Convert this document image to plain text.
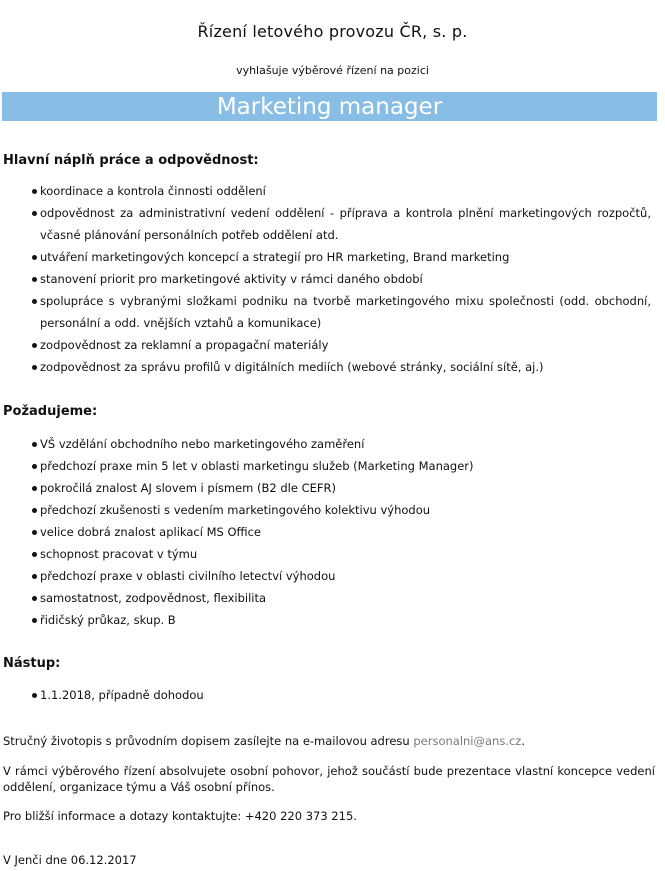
Řízení letového provozu ČR, s. p.
vyhlašuje výběrové řízení na pozici
Marketing manager
Hlavní náplň práce a odpovědnost:
koordinace a kontrola činnosti oddělení
odpovědnost za administrativní vedení oddělení - příprava a kontrola plnění marketingových rozpočtů, včasné plánování personálních potřeb oddělení atd.
utváření marketingových koncepcí a strategií pro HR marketing, Brand marketing
stanovení priorit pro marketingové aktivity v rámci daného období
spolupráce s vybranými složkami podniku na tvorbě marketingového mixu společnosti (odd. obchodní, personální a odd. vnějších vztahů a komunikace)
zodpovědnost za reklamní a propagační materiály
zodpovědnost za správu profilů v digitálních mediích (webové stránky, sociální sítě, aj.)
Požadujeme:
VŠ vzdělání obchodního nebo marketingového zaměření
předchozí praxe min 5 let v oblasti marketingu služeb (Marketing Manager)
pokročilá znalost AJ slovem i písmem (B2 dle CEFR)
předchozí zkušenosti s vedením marketingového kolektivu výhodou
velice dobrá znalost aplikací MS Office
schopnost pracovat v týmu
předchozí praxe v oblasti civilního letectví výhodou
samostatnost, zodpovědnost, flexibilita
řidičský průkaz, skup. B
Nástup:
1.1.2018, případně dohodou
Stručný životopis s průvodním dopisem zasílejte na e-mailovou adresu personalni@ans.cz.
V rámci výběrového řízení absolvujete osobní pohovor, jehož součástí bude prezentace vlastní koncepce vedení oddělení, organizace týmu a Váš osobní přínos.
Pro bližší informace a dotazy kontaktujte: +420 220 373 215.
V Jenči dne 06.12.2017
